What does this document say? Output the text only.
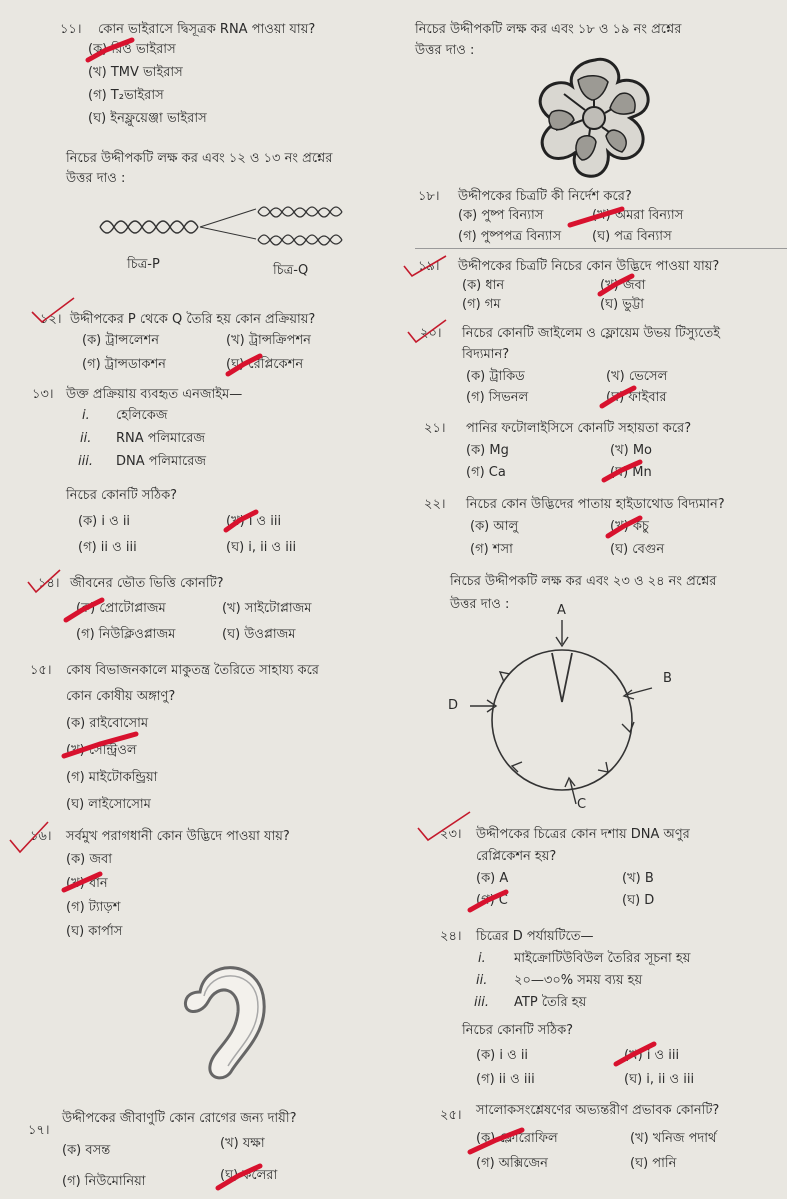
১১। কোন ভাইরাসে দ্বিসূত্রক RNA পাওয়া যায়?
(ক) রিও ভাইরাস
(খ) TMV ভাইরাস
(গ) T₂ভাইরাস
(ঘ) ইনফ্লুয়েঞ্জা ভাইরাস
নিচের উদ্দীপকটি লক্ষ কর এবং ১২ ও ১৩ নং প্রশ্নের
উত্তর দাও :
চিত্র-P	চিত্র-Q
১২। উদ্দীপকের P থেকে Q তৈরি হয় কোন প্রক্রিয়ায়?
(ক) ট্রান্সলেশন	(খ) ট্রান্সক্রিপশন
(গ) ট্রান্সডাকশন	(ঘ) রেপ্লিকেশন
১৩। উক্ত প্রক্রিয়ায় ব্যবহৃত এনজাইম—
i. হেলিকেজ
ii. RNA পলিমারেজ
iii. DNA পলিমারেজ
নিচের কোনটি সঠিক?
(ক) i ও ii	(খ) i ও iii
(গ) ii ও iii	(ঘ) i, ii ও iii
১৪। জীবনের ভৌত ভিত্তি কোনটি?
(ক) প্রোটোপ্লাজম	(খ) সাইটোপ্লাজম
(গ) নিউক্লিওপ্লাজম	(ঘ) উওপ্লাজম
১৫। কোষ বিভাজনকালে মাকুতন্ত্র তৈরিতে সাহায্য করে
কোন কোষীয় অঙ্গাণু?
(ক) রাইবোসোম
(খ) সেন্ট্রিওল
(গ) মাইটোকন্ড্রিয়া
(ঘ) লাইসোসোম
১৬। সর্বমুখ পরাগধানী কোন উদ্ভিদে পাওয়া যায়?
(ক) জবা
(খ) ধান
(গ) ট্যাড়শ
(ঘ) কার্পাস
১৭।
উদ্দীপকের জীবাণুটি কোন রোগের জন্য দায়ী?
(ক) বসন্ত	(খ) যক্ষা
(গ) নিউমোনিয়া	(ঘ) কলেরা
নিচের উদ্দীপকটি লক্ষ কর এবং ১৮ ও ১৯ নং প্রশ্নের
উত্তর দাও :
১৮। উদ্দীপকের চিত্রটি কী নির্দেশ করে?
(ক) পুষ্প বিন্যাস	(খ) অমরা বিন্যাস
(গ) পুষ্পপত্র বিন্যাস (ঘ) পত্র বিন্যাস
১৯। উদ্দীপকের চিত্রটি নিচের কোন উদ্ভিদে পাওয়া যায়?
(ক) ধান	(খ) জবা
(গ) গম	(ঘ) ভুট্টা
২০। নিচের কোনটি জাইলেম ও ফ্লোয়েম উভয় টিস্যুতেই
বিদ্যমান?
(ক) ট্রাকিড	(খ) ভেসেল
(গ) সিভনল	(ঘ) ফাইবার
২১। পানির ফটোলাইসিসে কোনটি সহায়তা করে?
(ক) Mg	(খ) Mo
(গ) Ca	(ঘ) Mn
২২। নিচের কোন উদ্ভিদের পাতায় হাইডাথোড বিদ্যমান?
(ক) আলু	(খ) কচু
(গ) শসা	(ঘ) বেগুন
নিচের উদ্দীপকটি লক্ষ কর এবং ২৩ ও ২৪ নং প্রশ্নের
উত্তর দাও :	A
B
C
D
২৩। উদ্দীপকের চিত্রের কোন দশায় DNA অণুর
রেপ্লিকেশন হয়?
(ক) A	(খ) B
(গ) C	(ঘ) D
২৪। চিত্রের D পর্যায়টিতে—
i. মাইক্রোটিউবিউল তৈরির সূচনা হয়
ii. ২০—৩০% সময় ব্যয় হয়
iii. ATP তৈরি হয়
নিচের কোনটি সঠিক?
(ক) i ও ii	(খ) i ও iii
(গ) ii ও iii	(ঘ) i, ii ও iii
২৫। সালোকসংশ্লেষণের অভ্যন্তরীণ প্রভাবক কোনটি?
(ক) ক্লোরোফিল	(খ) খনিজ পদার্থ
(গ) অক্সিজেন	(ঘ) পানি
